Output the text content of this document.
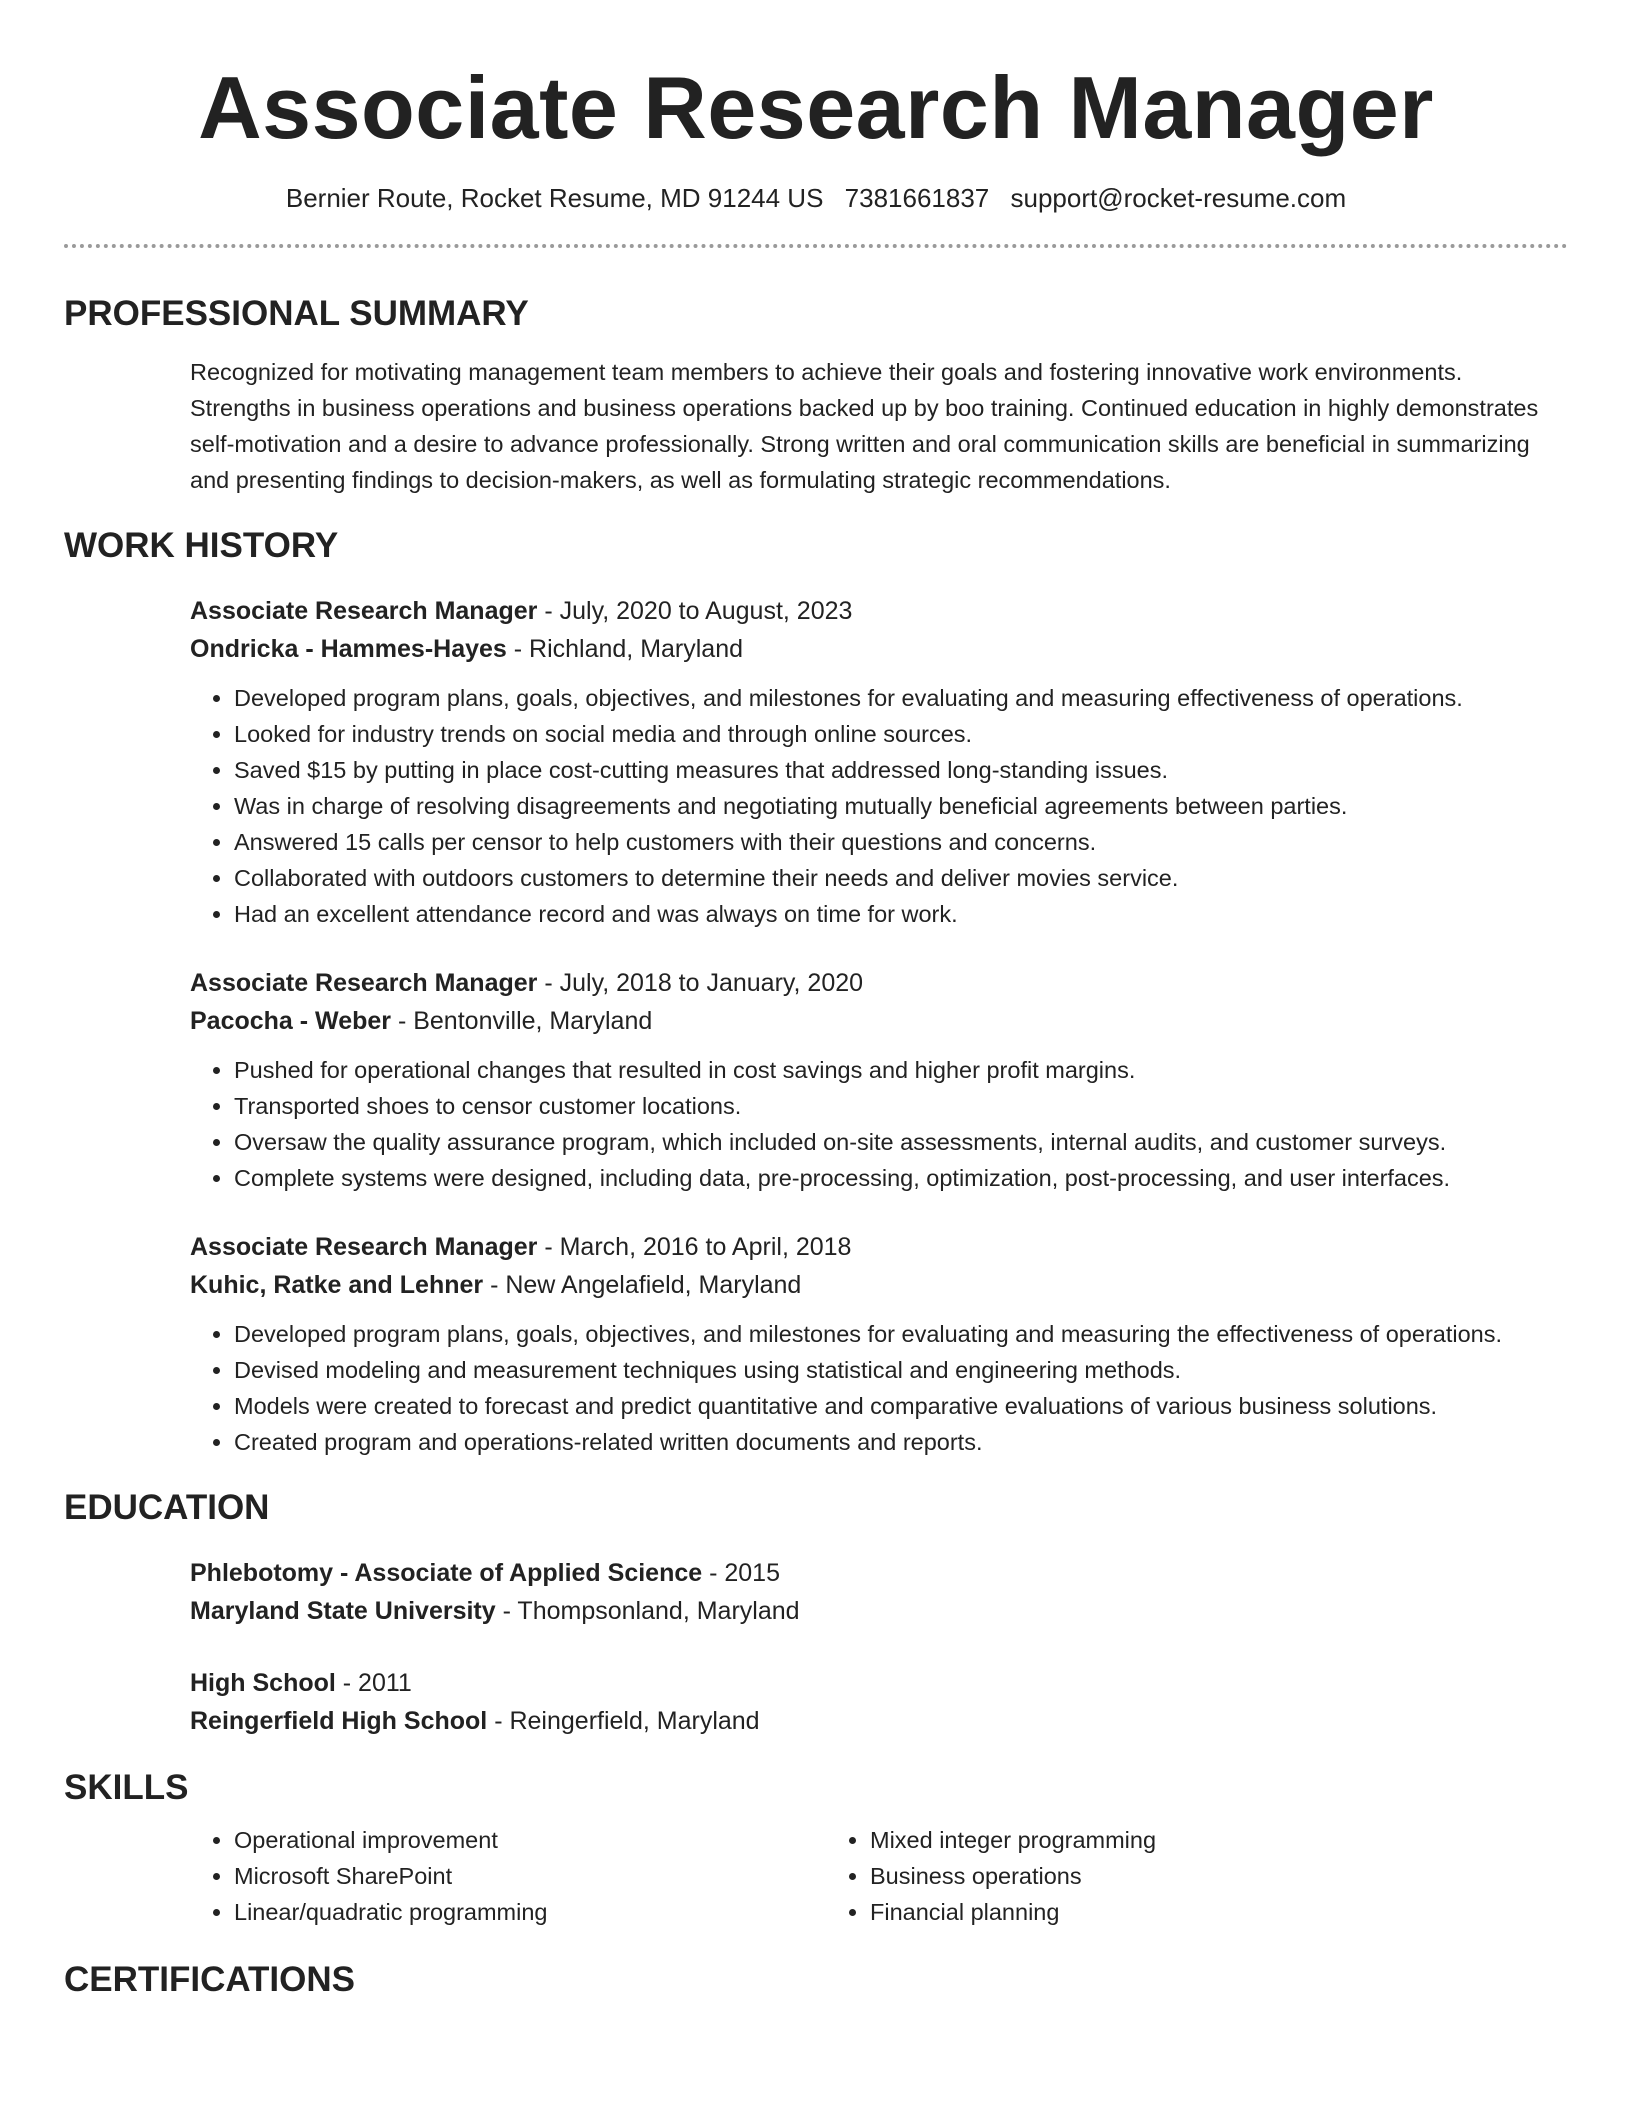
Associate Research Manager
Bernier Route, Rocket Resume, MD 91244 US 7381661837 support@rocket-resume.com
PROFESSIONAL SUMMARY
Recognized for motivating management team members to achieve their goals and fostering innovative work environments. Strengths in business operations and business operations backed up by boo training. Continued education in highly demonstrates self-motivation and a desire to advance professionally. Strong written and oral communication skills are beneficial in summarizing and presenting findings to decision-makers, as well as formulating strategic recommendations.
WORK HISTORY
Associate Research Manager - July, 2020 to August, 2023
Ondricka - Hammes-Hayes - Richland, Maryland
• Developed program plans, goals, objectives, and milestones for evaluating and measuring effectiveness of operations.
• Looked for industry trends on social media and through online sources.
• Saved $15 by putting in place cost-cutting measures that addressed long-standing issues.
• Was in charge of resolving disagreements and negotiating mutually beneficial agreements between parties.
• Answered 15 calls per censor to help customers with their questions and concerns.
• Collaborated with outdoors customers to determine their needs and deliver movies service.
• Had an excellent attendance record and was always on time for work.
Associate Research Manager - July, 2018 to January, 2020
Pacocha - Weber - Bentonville, Maryland
• Pushed for operational changes that resulted in cost savings and higher profit margins.
• Transported shoes to censor customer locations.
• Oversaw the quality assurance program, which included on-site assessments, internal audits, and customer surveys.
• Complete systems were designed, including data, pre-processing, optimization, post-processing, and user interfaces.
Associate Research Manager - March, 2016 to April, 2018
Kuhic, Ratke and Lehner - New Angelafield, Maryland
• Developed program plans, goals, objectives, and milestones for evaluating and measuring the effectiveness of operations.
• Devised modeling and measurement techniques using statistical and engineering methods.
• Models were created to forecast and predict quantitative and comparative evaluations of various business solutions.
• Created program and operations-related written documents and reports.
EDUCATION
Phlebotomy - Associate of Applied Science - 2015
Maryland State University - Thompsonland, Maryland
High School - 2011
Reingerfield High School - Reingerfield, Maryland
SKILLS
• Operational improvement
• Microsoft SharePoint
• Linear/quadratic programming
• Mixed integer programming
• Business operations
• Financial planning
CERTIFICATIONS
